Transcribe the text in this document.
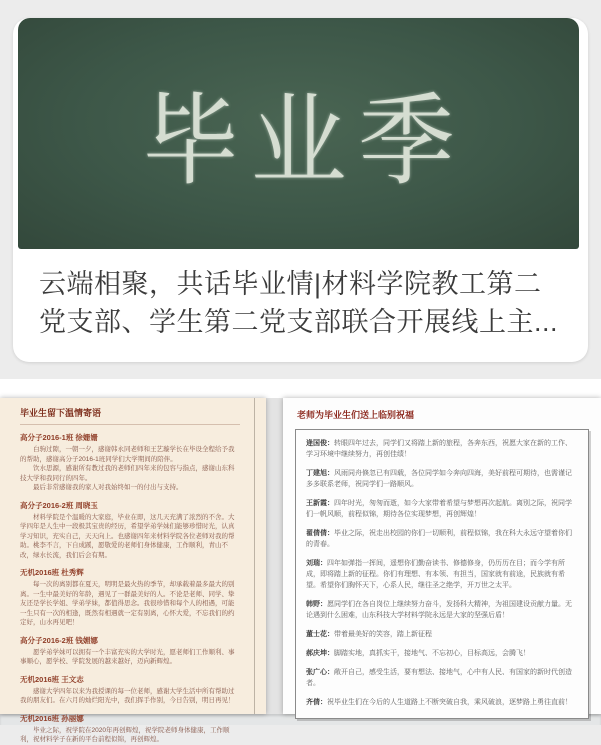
毕业季
云端相聚，共话毕业情|材料学院教工第二党支部、学生第二党支部联合开展线上主...
毕业生留下温情寄语
高分子2016-1班 徐姗姗

白驹过隙，一朝一夕，感谢韩永同老师和王艺璇学长在毕设全程给予我的帮助，感谢高分子2016-1班同学们大学期间的陪伴。

饮水思源，感谢所有教过我的老师们四年来的包容与指点，感谢山东科技大学和我同行的四年。

最后非常感谢我的家人对我始终如一的付出与支持。

高分子2016-2班 周晓玉

材料学院是个温暖的大家庭，毕业在即，这几天充满了浓烈的不舍。大学四年是人生中一段极其宝贵的经历，希望学弟学妹们能够珍惜时光，认真学习知识，充实自己，天天向上。也感谢四年来材料学院各位老师对我的帮助。桃李不言，下自成蹊，愿敬爱的老师们身体健康，工作顺利，青山不改，绿水长流，我们后会有期。

无机2016班 杜秀辉

每一次的离别都在夏天，明明是最火热的季节，却承载着最多最大的别离。一生中最美好的年龄，遇见了一群最美好的人。不论是老师、同学、挚友还是学长学姐、学弟学妹，都值得思念。我很珍惜和每个人的相遇，可能一生只有一次的相逢，既然有相遇就一定有别离，心怀大爱，不忘我们的约定好，山水再见吧！

高分子2016-2班 钱媚娜

愿学弟学妹可以拥有一个丰富充实的大学时光，愿老师们工作顺利、事事顺心，愿学校、学院发展的越来越好，迈向新辉煌。

无机2016班 王文志

感谢大学四年以来为我授课的每一位老师，感谢大学生活中所有帮助过我的朋友们。在六月的灿烂阳光中，我们挥手作别，今日告别，明日再见！

无机2016班 孙丽娜

毕业之际，祝学院在2020年再创辉煌，祝学院老师身体健康，工作顺利，祝材料学子在新的平台前程似锦，再创辉煌。

老师为毕业生们送上临别祝福

逄国俊：转眼四年过去，同学们又将踏上新的旅程，各奔东西，祝愿大家在新的工作、学习环境中继续努力，再创佳绩！

丁建旭：风雨同舟倏忽已有四载，各位同学如今奔向四海，美好前程可期待，也需谨记多多联系老师，祝同学们一路顺风。

王新霞：四年时光，匆匆而逝，如今大家带着希望与梦想再次起航。离别之际，祝同学们一帆风顺，前程似锦，期待各位实现梦想，再创辉煌！

翟倩倩：毕业之际，祝走出校园的你们一切顺利，前程似锦，我在科大永远守望着你们的青春。

刘瑞：四年如弹指一挥间，遥想你们勤奋读书、修德修身，仍历历在目；而今学有所成，即将踏上新的征程。你们有理想、有本领、有担当，国家就有前途，民族就有希望。希望你们胸怀天下，心系人民，继往圣之绝学，开万世之太平。

韩野：愿同学们在各自岗位上继续努力奋斗，发扬科大精神，为祖国建设贡献力量。无论遇到什么困难，山东科技大学材料学院永远是大家的坚强后盾！

董士花：带着最美好的笑容，踏上新征程

郝庆坤：脚踏实地，真抓实干，接地气、不忘初心，目标高远，会腾飞！

张广心：敞开自己，感受生活，要有想法、接地气，心中有人民、有国家的新时代创造者。

齐倩：祝毕业生们在今后的人生道路上不断突破自我，乘风破浪，逐梦路上勇往直前！
